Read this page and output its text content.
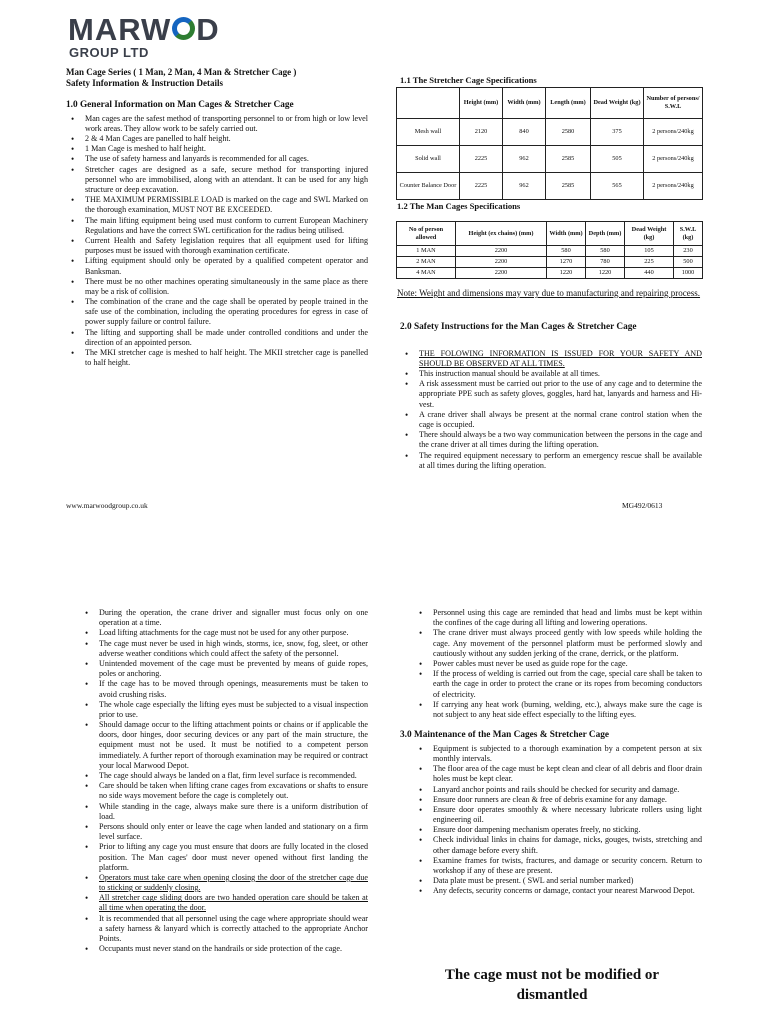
MARW D
GROUP LTD
Man Cage Series ( 1 Man, 2 Man, 4 Man & Stretcher Cage )
Safety Information & Instruction Details
1.0 General Information on Man Cages & Stretcher Cage
• Man cages are the safest method of transporting personnel to or from high or low level work areas. They allow work to be safely carried out.
• 2 & 4 Man Cages are panelled to half height.
• 1 Man Cage is meshed to half height.
• The use of safety harness and lanyards is recommended for all cages.
• Stretcher cages are designed as a safe, secure method for transporting injured personnel who are immobilised, along with an attendant. It can be used for any high structure or deep excavation.
• THE MAXIMUM PERMISSIBLE LOAD is marked on the cage and SWL Marked on the thorough examination, MUST NOT BE EXCEEDED.
• The main lifting equipment being used must conform to current European Machinery Regulations and have the correct SWL certification for the radius being utilised.
• Current Health and Safety legislation requires that all equipment used for lifting purposes must be issued with thorough examination certificate.
• Lifting equipment should only be operated by a qualified competent operator and Banksman.
• There must be no other machines operating simultaneously in the same place as there may be a risk of collision.
• The combination of the crane and the cage shall be operated by people trained in the safe use of the combination, including the operating procedures for egress in case of power supply failure or control failure.
• The lifting and supporting shall be made under controlled conditions and under the direction of an appointed person.
• The MKI stretcher cage is meshed to half height. The MKII stretcher cage is panelled to half height.
1.1 The Stretcher Cage Specifications
	Height (mm)	Width (mm)	Length (mm)	Dead Weight (kg)	Number of persons/ S.W.L
Mesh wall	2120	840	2580	375	2 persons/240kg
Solid wall	2225	962	2585	505	2 persons/240kg
Counter Balance Door	2225	962	2585	565	2 persons/240kg
1.2 The Man Cages Specifications
No of person allowed	Height (ex chains) (mm)	Width (mm)	Depth (mm)	Dead Weight (kg)	S.W.L (kg)
1 MAN	2200	580	580	105	230
2 MAN	2200	1270	780	225	500
4 MAN	2200	1220	1220	440	1000
Note: Weight and dimensions may vary due to manufacturing and repairing process.
2.0 Safety Instructions for the Man Cages & Stretcher Cage
• THE FOLOWING INFORMATION IS ISSUED FOR YOUR SAFETY AND SHOULD BE OBSERVED AT ALL TIMES.
• This instruction manual should be available at all times.
• A risk assessment must be carried out prior to the use of any cage and to determine the appropriate PPE such as safety gloves, goggles, hard hat, lanyards and harness and Hi-vest.
• A crane driver shall always be present at the normal crane control station when the cage is occupied.
• There should always be a two way communication between the persons in the cage and the crane driver at all times during the lifting operation.
• The required equipment necessary to perform an emergency rescue shall be available at all times during the lifting operation.
www.marwoodgroup.co.uk	MG492/0613
• During the operation, the crane driver and signaller must focus only on one operation at a time.
• Load lifting attachments for the cage must not be used for any other purpose.
• The cage must never be used in high winds, storms, ice, snow, fog, sleet, or other adverse weather conditions which could affect the safety of the personnel.
• Unintended movement of the cage must be prevented by means of guide ropes, poles or anchoring.
• If the cage has to be moved through openings, measurements must be taken to avoid crushing risks.
• The whole cage especially the lifting eyes must be subjected to a visual inspection prior to use.
• Should damage occur to the lifting attachment points or chains or if applicable the doors, door hinges, door securing devices or any part of the main structure, the equipment must not be used. It must be notified to a competent person immediately. A further report of thorough examination may be required or contract your local Marwood Depot.
• The cage should always be landed on a flat, firm level surface is recommended.
• Care should be taken when lifting crane cages from excavations or shafts to ensure no side ways movement before the cage is completely out.
• While standing in the cage, always make sure there is a uniform distribution of load.
• Persons should only enter or leave the cage when landed and stationary on a firm level surface.
• Prior to lifting any cage you must ensure that doors are fully located in the closed position. The Man cages' door must never opened without first landing the platform.
• Operators must take care when opening closing the door of the stretcher cage due to sticking or suddenly closing.
• All stretcher cage sliding doors are two handed operation care should be taken at all time when operating the door.
• It is recommended that all personnel using the cage where appropriate should wear a safety harness & lanyard which is correctly attached to the appropriate Anchor Points.
• Occupants must never stand on the handrails or side protection of the cage.
• Personnel using this cage are reminded that head and limbs must be kept within the confines of the cage during all lifting and lowering operations.
• The crane driver must always proceed gently with low speeds while holding the cage. Any movement of the personnel platform must be performed slowly and cautiously without any sudden jerking of the crane, derrick, or the platform.
• Power cables must never be used as guide rope for the cage.
• If the process of welding is carried out from the cage, special care shall be taken to earth the cage in order to protect the crane or its ropes from becoming conductors of electricity.
• If carrying any heat work (burning, welding, etc.), always make sure the cage is not subject to any heat side effect especially to the lifting eyes.
3.0 Maintenance of the Man Cages & Stretcher Cage
• Equipment is subjected to a thorough examination by a competent person at six monthly intervals.
• The floor area of the cage must be kept clean and clear of all debris and floor drain holes must be kept clear.
• Lanyard anchor points and rails should be checked for security and damage.
• Ensure door runners are clean & free of debris examine for any damage.
• Ensure door operates smoothly & where necessary lubricate rollers using light engineering oil.
• Ensure door dampening mechanism operates freely, no sticking.
• Check individual links in chains for damage, nicks, gouges, twists, stretching and other damage before every shift.
• Examine frames for twists, fractures, and damage or security concern. Return to workshop if any of these are present.
• Data plate must be present. ( SWL and serial number marked)
• Any defects, security concerns or damage, contact your nearest Marwood Depot.
The cage must not be modified or dismantled
